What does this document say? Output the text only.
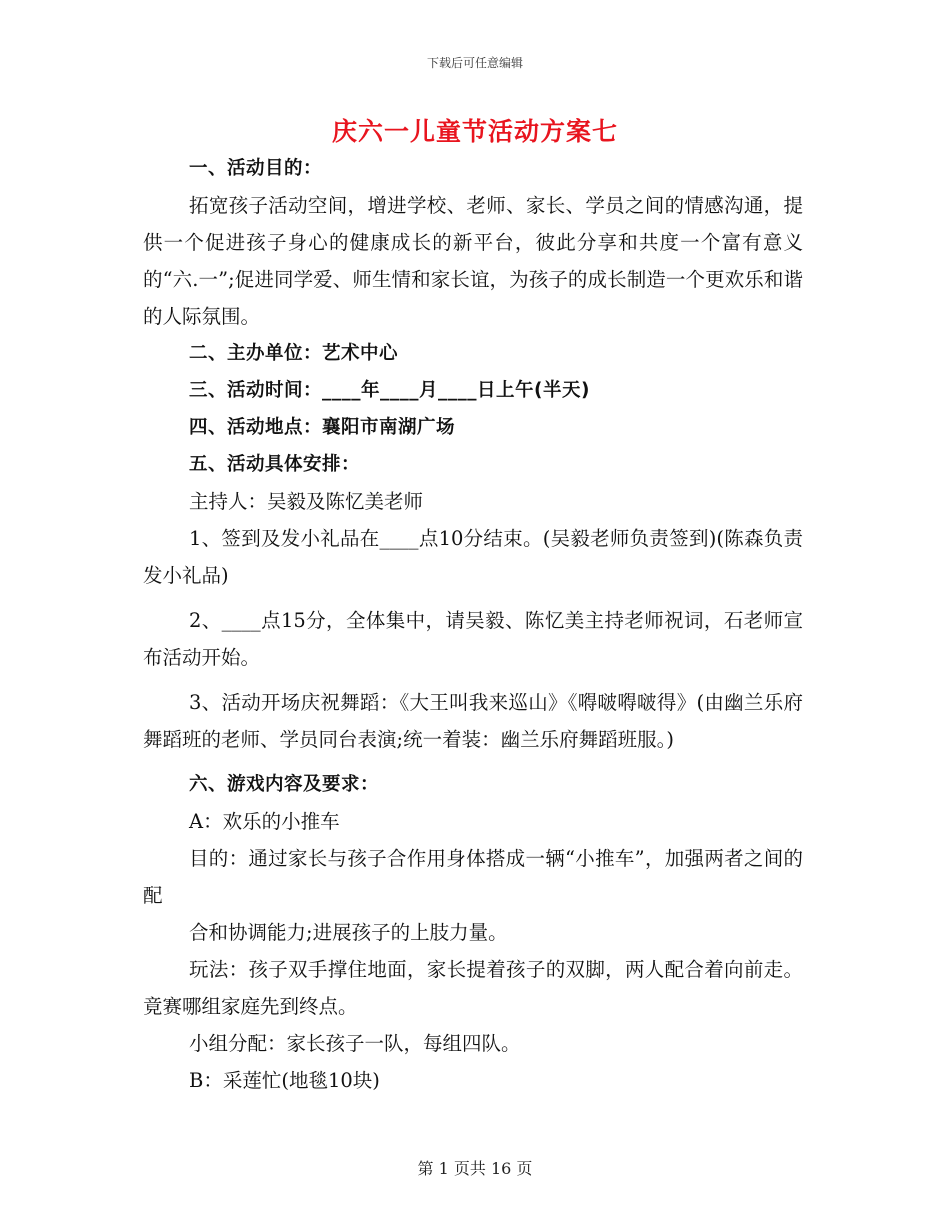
下载后可任意编辑
庆六一儿童节活动方案七

一、活动目的：

拓宽孩子活动空间，增进学校、老师、家长、学员之间的情感沟通，提供一个促进孩子身心的健康成长的新平台，彼此分享和共度一个富有意义的“六.一”;促进同学爱、师生情和家长谊，为孩子的成长制造一个更欢乐和谐的人际氛围。

二、主办单位：艺术中心

三、活动时间：____年____月____日上午(半天)

四、活动地点：襄阳市南湖广场

五、活动具体安排：

主持人：吴毅及陈忆美老师

1、签到及发小礼品在____点10分结束。(吴毅老师负责签到)(陈森负责发小礼品)

2、____点15分，全体集中，请吴毅、陈忆美主持老师祝词，石老师宣布活动开始。

3、活动开场庆祝舞蹈：《大王叫我来巡山》《嘚啵嘚啵得》(由幽兰乐府舞蹈班的老师、学员同台表演;统一着装：幽兰乐府舞蹈班服。)

六、游戏内容及要求：

A：欢乐的小推车

目的：通过家长与孩子合作用身体搭成一辆“小推车”，加强两者之间的配

合和协调能力;进展孩子的上肢力量。

玩法：孩子双手撑住地面，家长提着孩子的双脚，两人配合着向前走。竟赛哪组家庭先到终点。

小组分配：家长孩子一队，每组四队。

B：采莲忙(地毯10块)

第 1 页共 16 页
